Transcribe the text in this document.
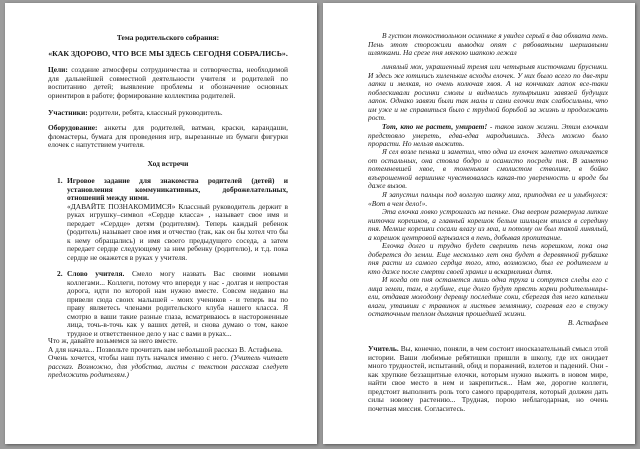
Тема родительского собрания:
«КАК ЗДОРОВО, ЧТО ВСЕ МЫ ЗДЕСЬ СЕГОДНЯ СОБРАЛИСЬ».
Цели: создание атмосферы сотрудничества и сотворчества, необходимой
для дальнейшей совместной деятельности учителя и родителей по
воспитанию детей; выявление проблемы и обозначение основных
ориентиров в работе; формирование коллектива родителей.
Участники: родители, ребята, классный руководитель.
Оборудование: анкеты для родителей, ватман, краски, карандаши,
фломастеры, бумага для проведения игр, вырезанные из бумаги фигурки
елочек с напутствием учителя.
Ход встречи
1. Игровое задание для знакомства родителей (детей) и
установления коммуникативных, доброжелательных,
отношений между ними.
«ДАВАЙТЕ ПОЗНАКОМИМСЯ» Классный руководитель держит в
руках игрушку–символ «Сердце класса» , называет свое имя и
передает «Сердце» детям (родителям). Теперь каждый ребенок
(родитель) называет свое имя и отчество (так, как он бы хотел что бы
к нему обращались) и имя своего предыдущего соседа, а затем
передает сердце следующему за ним ребенку (родителю), и т.д. пока
сердце не окажется в руках у учителя.
2. Слово учителя. Смело могу назвать Вас своими новыми
коллегами... Коллеги, потому что впереди у нас - долгая и непростая
дорога, идти по которой нам нужно вместе. Совсем недавно вы
привели сюда своих малышей - моих учеников - и теперь вы по
праву являетесь членами родительского клуба нашего класса. Я
смотрю в ваши такие разные глаза, всматриваюсь в настороженные
лица, точь-в-точь как у ваших детей, и снова думаю о том, какое
трудное и ответственное дело у нас с вами в руках...
Что ж, давайте возьмемся за него вместе.
А для начала... Позвольте прочитать вам небольшой рассказ В. Астафьева.
Очень хочется, чтобы наш путь начался именно с него. (Учитель читает
рассказ. Возможно, для удобства, листы с текстом рассказа следует
предложить родителям.)
В густом тонкоствольном осиннике я увидел серый в два обхвата пень.
Пень этот сторожили выводки опят с рябоватыми шершавыми
шляпками. На срезе пня мягкою шапкою лежал
линялый мох, украшенный тремя или четырьмя кисточками брусники.
И здесь же ютились хиленькие всходы елочек. У них было всего по две-три
лапки и мелкая, но очень колючая хвоя. А на кончиках лапок все-таки
поблескивали росинки смолы и виднелись пупырышки завязей будущих
лапок. Однако завязи были так малы и сами елочки так слабосильны, что
им уже и не справиться было с трудной борьбой за жизнь и продолжать
рост.
Тот, кто не растет, умирает! - таков закон жизни. Этим елочкам
предстояло умереть, едва-едва народившись. Здесь можно было
прорасти. Но нельзя выжить.
Я сел возле пенька и заметил, что одна из елочек заметно отличается
от остальных, она стояла бодро и осанисто посреди пня. В заметно
потемневшей хвое, в тоненьком смолистом стволике, в бойко
взъерошенной вершинке чувствовалась какая-то уверенность и вроде бы
даже вызов.
Я запустил пальцы под волглую шапку мха, приподнял ее и улыбнулся:
«Вот в чем дело!».
Эта елочка ловко устроилась на пеньке. Она веером развернула липкие
ниточки корешков, а главный корешок белым шильцем впился в середину
пня. Мелкие корешки сосали влагу из мха, и потому он был такой линялый,
а корешок центровой вгрызался в пень, добывая пропитание.
Елочка долго и трудно будет сверлить пень корешком, пока она
доберется до земли. Еще несколько лет она будет в деревянной рубашке
пня расти из самого сердца того, кто, возможно, был ее родителем и
кто даже после смерти своей хранил и вскармливал дитя.
И когда от пня останется лишь одна труха и сотрутся следы его с
лица земли, там, в глубине, еще долго будут прясть корни родительницы-
ели, отдавая молодому деревцу последние соки, сберегая для него капельки
влаги, утаивши с травинок и листьев землянику, согревая его в стужу
остаточным теплом дыхания прошедшей жизни.
В. Астафьев
Учитель. Вы, конечно, поняли, в чем состоит иносказательный смысл этой
истории. Ваши любимые ребятишки пришли в школу, где их ожидает
много трудностей, испытаний, обид и поражений, взлетов и падений. Они -
как хрупкие беззащитные елочки, которым нужно выжить в новом мире,
найти свое место в нем и закрепиться... Нам же, дорогие коллеги,
предстоит выполнить роль того самого прародителя, который должен дать
силы новому растению... Трудная, порою неблагодарная, но очень
почетная миссия. Согласитесь.
